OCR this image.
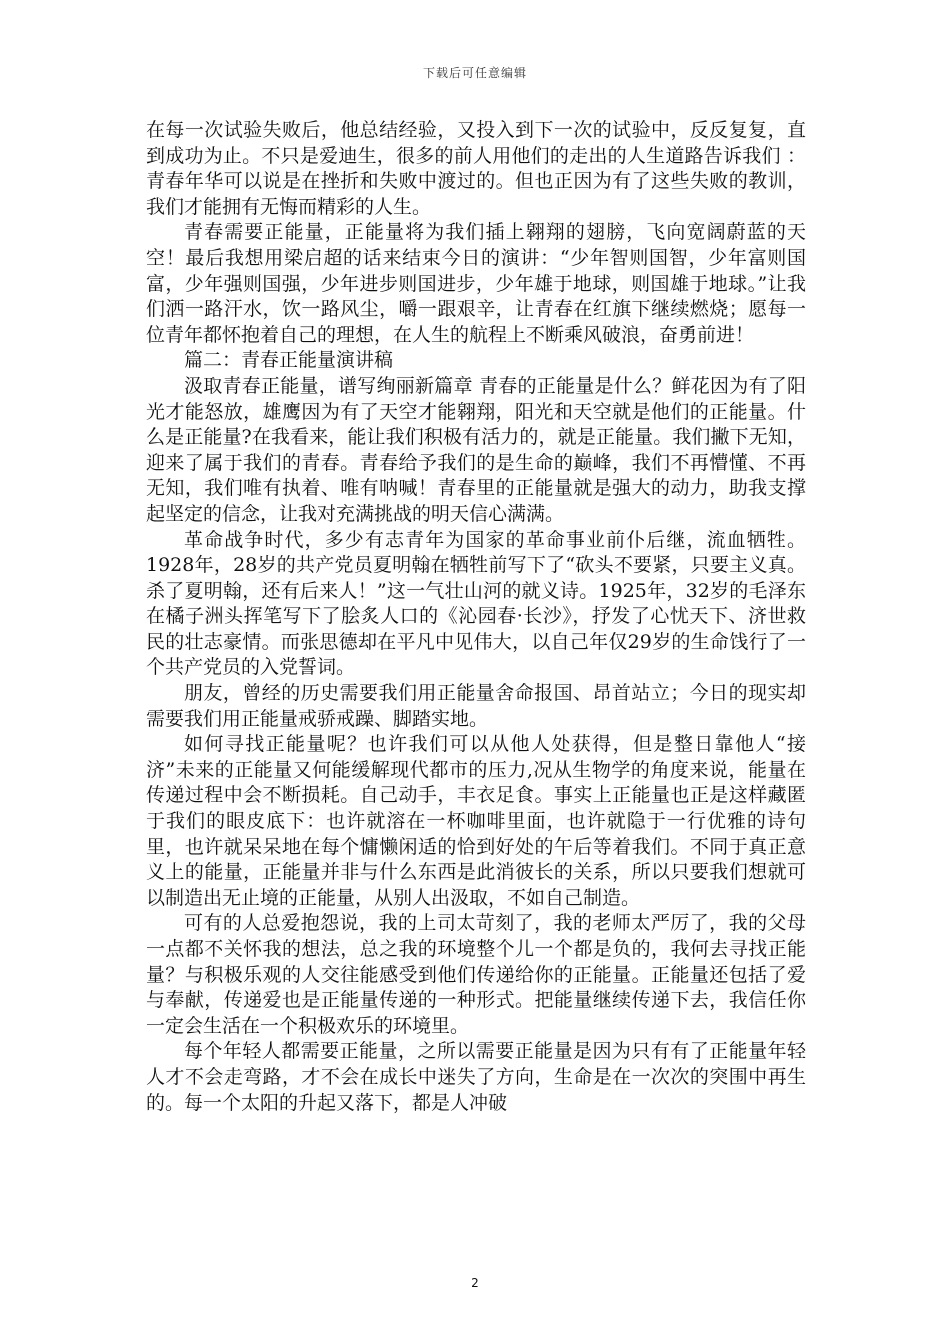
下载后可任意编辑

在每一次试验失败后，他总结经验，又投入到下一次的试验中，反反复复，直到成功为止。不只是爱迪生，很多的前人用他们的走出的人生道路告诉我们 ：青春年华可以说是在挫折和失败中渡过的。但也正因为有了这些失败的教训，我们才能拥有无悔而精彩的人生。

青春需要正能量，正能量将为我们插上翱翔的翅膀，飞向宽阔蔚蓝的天空！最后我想用梁启超的话来结束今日的演讲：“少年智则国智，少年富则国富，少年强则国强，少年进步则国进步，少年雄于地球，则国雄于地球。”让我们洒一路汗水，饮一路风尘，嚼一跟艰辛，让青春在红旗下继续燃烧；愿每一位青年都怀抱着自己的理想，在人生的航程上不断乘风破浪，奋勇前进！

篇二：青春正能量演讲稿

汲取青春正能量，谱写绚丽新篇章 青春的正能量是什么？鲜花因为有了阳光才能怒放，雄鹰因为有了天空才能翱翔，阳光和天空就是他们的正能量。什么是正能量?在我看来，能让我们积极有活力的，就是正能量。我们撇下无知，迎来了属于我们的青春。青春给予我们的是生命的巅峰，我们不再懵懂、不再无知，我们唯有执着、唯有呐喊！青春里的正能量就是强大的动力，助我支撑起坚定的信念，让我对充满挑战的明天信心满满。

革命战争时代，多少有志青年为国家的革命事业前仆后继，流血牺牲。1928年，28岁的共产党员夏明翰在牺牲前写下了“砍头不要紧，只要主义真。杀了夏明翰，还有后来人！”这一气壮山河的就义诗。1925年，32岁的毛泽东在橘子洲头挥笔写下了脍炙人口的《沁园春·长沙》，抒发了心忧天下、济世救民的壮志豪情。而张思德却在平凡中见伟大，以自己年仅29岁的生命饯行了一个共产党员的入党誓词。

朋友，曾经的历史需要我们用正能量舍命报国、昂首站立；今日的现实却需要我们用正能量戒骄戒躁、脚踏实地。

如何寻找正能量呢？也许我们可以从他人处获得，但是整日靠他人“接济”未来的正能量又何能缓解现代都市的压力,况从生物学的角度来说，能量在传递过程中会不断损耗。自己动手，丰衣足食。事实上正能量也正是这样藏匿于我们的眼皮底下：也许就溶在一杯咖啡里面，也许就隐于一行优雅的诗句里，也许就呆呆地在每个慵懒闲适的恰到好处的午后等着我们。不同于真正意义上的能量，正能量并非与什么东西是此消彼长的关系，所以只要我们想就可以制造出无止境的正能量，从别人出汲取，不如自己制造。

可有的人总爱抱怨说，我的上司太苛刻了，我的老师太严厉了，我的父母一点都不关怀我的想法，总之我的环境整个儿一个都是负的，我何去寻找正能量？与积极乐观的人交往能感受到他们传递给你的正能量。正能量还包括了爱与奉献，传递爱也是正能量传递的一种形式。把能量继续传递下去，我信任你一定会生活在一个积极欢乐的环境里。

每个年轻人都需要正能量，之所以需要正能量是因为只有有了正能量年轻人才不会走弯路，才不会在成长中迷失了方向，生命是在一次次的突围中再生的。每一个太阳的升起又落下，都是人冲破

2
